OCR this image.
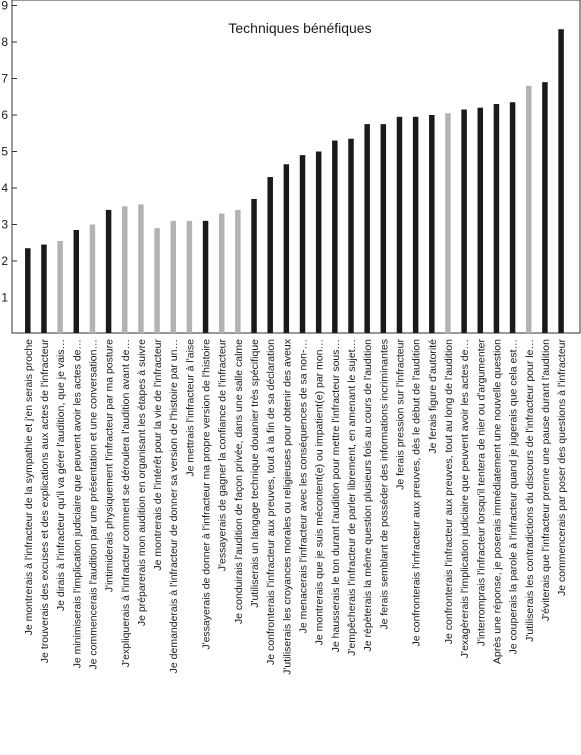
Techniques bénéfiques
1
2
3
4
5
6
7
8
9
Je montrerais à l'infracteur de la sympathie et j'en serais proche Je trouverais des excuses et des explications aux actes de l'infracteur Je dirais à l'infracteur qu'il va gérer l'audition, que je vais… Je minimiserais l'implication judiciaire que peuvent avoir les actes de… Je commencerais l'audition par une présentation et une conversation… J'intimiderais physiquement l'infracteur par ma posture J'expliquerais à l'infracteur comment se déroulera l'audition avant de… Je préparerais mon audition en organisant les étapes à suivre Je montrerais de l'intérêt pour la vie de l'infracteur Je demanderais à l'infracteur de donner sa version de l'histoire par un… Je mettrais l'infracteur à l'aise J'essayerais de donner à l'infracteur ma propre version de l'histoire J'essayerais de gagner la confiance de l'infracteur Je conduirais l'audition de façon privée, dans une salle calme J'utiliserais un langage technique douanier très spécifique Je confronterais l'infracteur aux preuves, tout à la fin de sa déclaration J'utiliserais les croyances morales ou religieuses pour obtenir des aveux Je menacerais l'infracteur avec les conséquences de sa non-… Je montrerais que je suis mécontent(e) ou impatient(e) par mon… Je hausserais le ton durant l'audition pour mettre l'infracteur sous… J'empêcherais l'infracteur de parler librement, en amenant le sujet… Je répèterais la même question plusieurs fois au cours de l'audition Je ferais semblant de posséder des informations incriminantes Je ferais pression sur l'infracteur Je confronterais l'infracteur aux preuves, dès le début de l'audition Je ferais figure d'autorité Je confronterais l'infracteur aux preuves, tout au long de l'audition J'exagèrerais l'implication judiciaire que peuvent avoir les actes de… J'interromprais l'infracteur lorsqu'il tentera de nier ou d'argumenter Après une réponse, je poserais immédiatement une nouvelle question Je couperais la parole à l'infracteur quand je jugerais que cela est… J'utiliserais les contradictions du discours de l'infracteur pour le… J'éviterais que l'infracteur prenne une pause durant l'audition Je commencerais par poser des questions à l'infracteur
